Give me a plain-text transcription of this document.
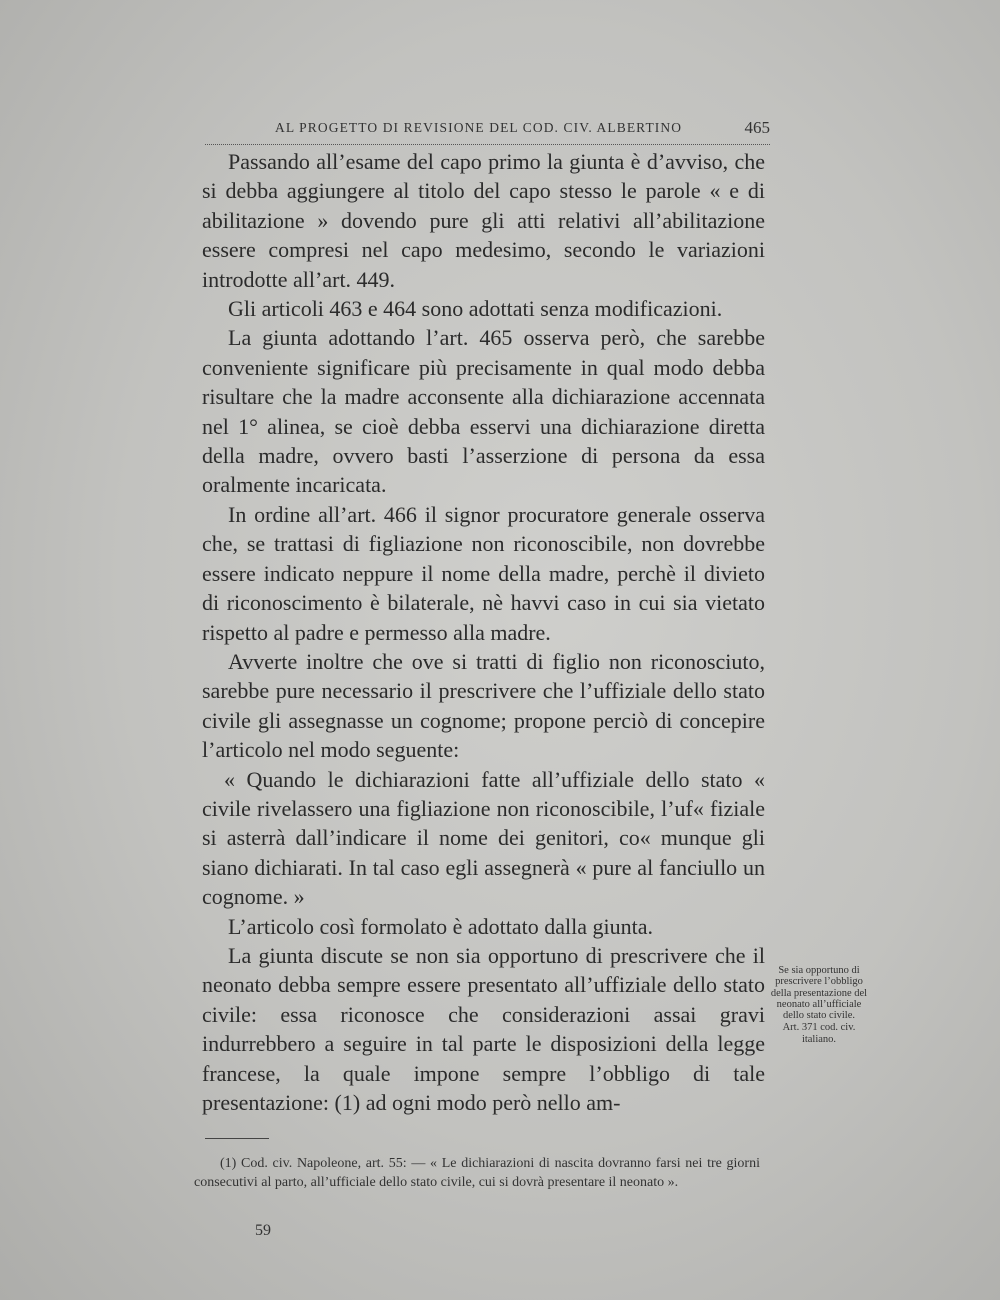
AL PROGETTO DI REVISIONE DEL COD. CIV. ALBERTINO	465

Passando all’esame del capo primo la giunta è d’avviso, che si debba aggiungere al titolo del capo stesso le parole « e di abilitazione » dovendo pure gli atti relativi all’abilitazione essere compresi nel capo medesimo, secondo le variazioni introdotte all’art. 449.

Gli articoli 463 e 464 sono adottati senza modificazioni.

La giunta adottando l’art. 465 osserva però, che sarebbe conveniente significare più precisamente in qual modo debba risultare che la madre acconsente alla dichiarazione accennata nel 1° alinea, se cioè debba esservi una dichiarazione diretta della madre, ovvero basti l’asserzione di persona da essa oralmente incaricata.

In ordine all’art. 466 il signor procuratore generale osserva che, se trattasi di figliazione non riconoscibile, non dovrebbe essere indicato neppure il nome della madre, perchè il divieto di riconoscimento è bilaterale, nè havvi caso in cui sia vietato rispetto al padre e permesso alla madre.

Avverte inoltre che ove si tratti di figlio non riconosciuto, sarebbe pure necessario il prescrivere che l’uffiziale dello stato civile gli assegnasse un cognome; propone perciò di concepire l’articolo nel modo seguente:

« Quando le dichiarazioni fatte all’uffiziale dello stato « civile rivelassero una figliazione non riconoscibile, l’uf« fiziale si asterrà dall’indicare il nome dei genitori, co« munque gli siano dichiarati. In tal caso egli assegnerà « pure al fanciullo un cognome. »

L’articolo così formolato è adottato dalla giunta.

La giunta discute se non sia opportuno di prescrivere che il neonato debba sempre essere presentato all’uffiziale dello stato civile: essa riconosce che considerazioni assai gravi indurrebbero a seguire in tal parte le disposizioni della legge francese, la quale impone sempre l’obbligo di tale presentazione: (1) ad ogni modo però nello am-

Se sia opportuno di prescrivere l’obbligo della presentazione del neonato all’ufficiale dello stato civile.
Art. 371 cod. civ. italiano.

(1) Cod. civ. Napoleone, art. 55: — « Le dichiarazioni di nascita dovranno farsi nei tre giorni consecutivi al parto, all’ufficiale dello stato civile, cui si dovrà presentare il neonato ».

59
